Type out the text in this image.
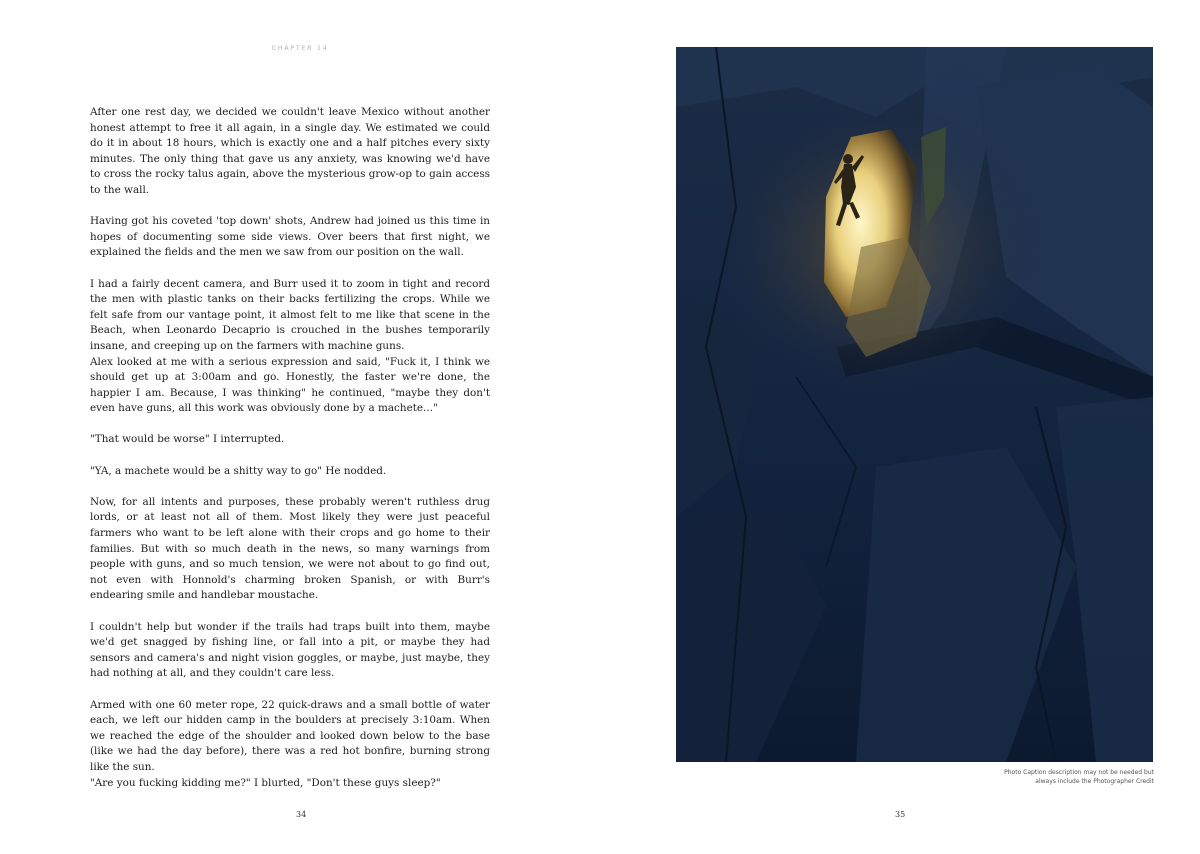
CHAPTER 14

After one rest day, we decided we couldn't leave Mexico without another honest attempt to free it all again, in a single day. We estimated we could do it in about 18 hours, which is exactly one and a half pitches every sixty minutes. The only thing that gave us any anxiety, was knowing we'd have to cross the rocky talus again, above the mysterious grow-op to gain access to the wall.

Having got his coveted 'top down' shots, Andrew had joined us this time in hopes of documenting some side views. Over beers that first night, we explained the fields and the men we saw from our position on the wall.

I had a fairly decent camera, and Burr used it to zoom in tight and record the men with plastic tanks on their backs fertilizing the crops. While we felt safe from our vantage point, it almost felt to me like that scene in the Beach, when Leonardo Decaprio is crouched in the bushes temporarily insane, and creeping up on the farmers with machine guns.

Alex looked at me with a serious expression and said, "Fuck it, I think we should get up at 3:00am and go. Honestly, the faster we're done, the happier I am. Because, I was thinking" he continued, "maybe they don't even have guns, all this work was obviously done by a machete..."

"That would be worse" I interrupted.

"YA, a machete would be a shitty way to go" He nodded.

Now, for all intents and purposes, these probably weren't ruthless drug lords, or at least not all of them. Most likely they were just peaceful farmers who want to be left alone with their crops and go home to their families. But with so much death in the news, so many warnings from people with guns, and so much tension, we were not about to go find out, not even with Honnold's charming broken Spanish, or with Burr's endearing smile and handlebar moustache.

I couldn't help but wonder if the trails had traps built into them, maybe we'd get snagged by fishing line, or fall into a pit, or maybe they had sensors and camera's and night vision goggles, or maybe, just maybe, they had nothing at all, and they couldn't care less.

Armed with one 60 meter rope, 22 quick-draws and a small bottle of water each, we left our hidden camp in the boulders at precisely 3:10am. When we reached the edge of the shoulder and looked down below to the base (like we had the day before), there was a red hot bonfire, burning strong like the sun.

"Are you fucking kidding me?" I blurted, "Don't these guys sleep?"

34

Photo Caption description may not be needed but
always include the Photographer Credit

35
